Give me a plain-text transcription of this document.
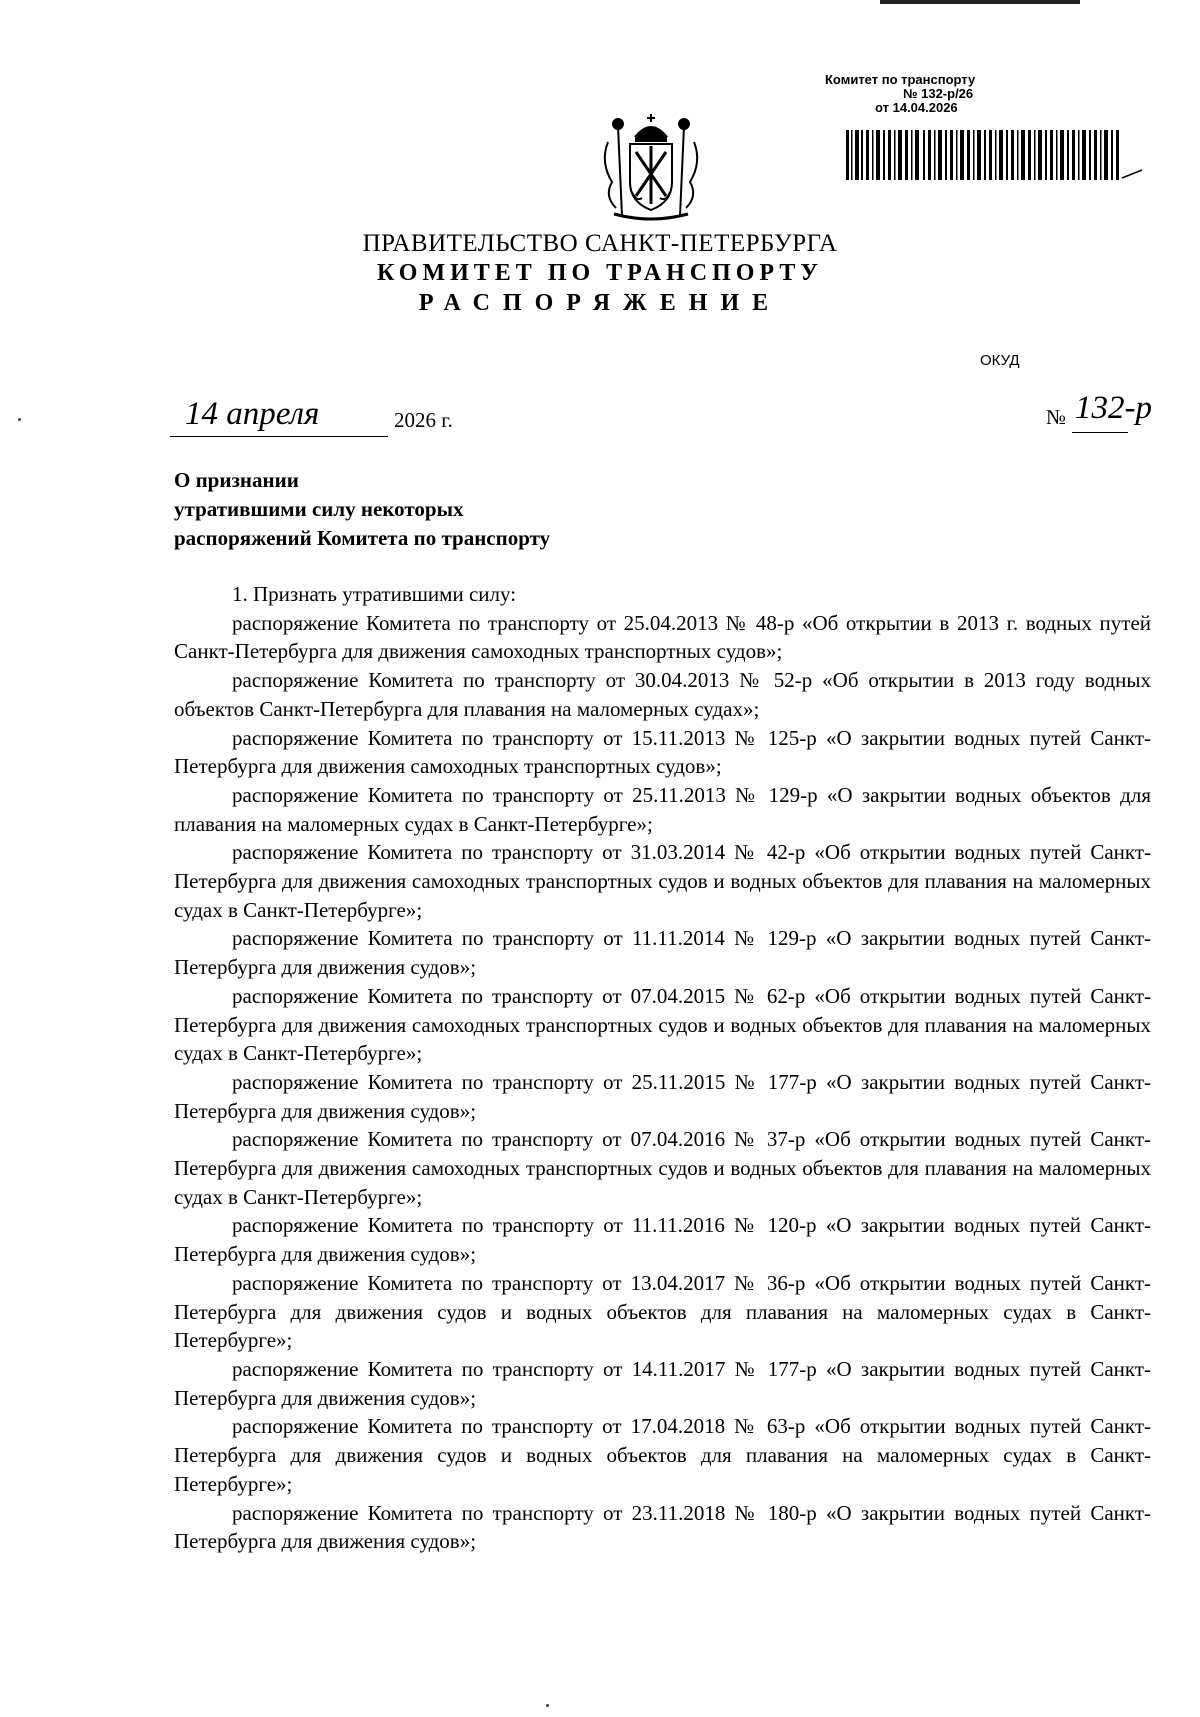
Комитет по транспорту
№ 132-р/26
от 14.04.2026
ПРАВИТЕЛЬСТВО САНКТ-ПЕТЕРБУРГА
КОМИТЕТ ПО ТРАНСПОРТУ
РАСПОРЯЖЕНИЕ
ОКУД
14 апреля	2026 г.	№ 132-р
О признании
утратившими силу некоторых
распоряжений Комитета по транспорту

1. Признать утратившими силу:

распоряжение Комитета по транспорту от 25.04.2013 № 48-р «Об открытии в 2013 г. водных путей Санкт-Петербурга для движения самоходных транспортных судов»;

распоряжение Комитета по транспорту от 30.04.2013 № 52-р «Об открытии в 2013 году водных объектов Санкт-Петербурга для плавания на маломерных судах»;

распоряжение Комитета по транспорту от 15.11.2013 № 125-р «О закрытии водных путей Санкт-Петербурга для движения самоходных транспортных судов»;

распоряжение Комитета по транспорту от 25.11.2013 № 129-р «О закрытии водных объектов для плавания на маломерных судах в Санкт-Петербурге»;

распоряжение Комитета по транспорту от 31.03.2014 № 42-р «Об открытии водных путей Санкт-Петербурга для движения самоходных транспортных судов и водных объектов для плавания на маломерных судах в Санкт-Петербурге»;

распоряжение Комитета по транспорту от 11.11.2014 № 129-р «О закрытии водных путей Санкт-Петербурга для движения судов»;

распоряжение Комитета по транспорту от 07.04.2015 № 62-р «Об открытии водных путей Санкт-Петербурга для движения самоходных транспортных судов и водных объектов для плавания на маломерных судах в Санкт-Петербурге»;

распоряжение Комитета по транспорту от 25.11.2015 № 177-р «О закрытии водных путей Санкт-Петербурга для движения судов»;

распоряжение Комитета по транспорту от 07.04.2016 № 37-р «Об открытии водных путей Санкт-Петербурга для движения самоходных транспортных судов и водных объектов для плавания на маломерных судах в Санкт-Петербурге»;

распоряжение Комитета по транспорту от 11.11.2016 № 120-р «О закрытии водных путей Санкт-Петербурга для движения судов»;

распоряжение Комитета по транспорту от 13.04.2017 № 36-р «Об открытии водных путей Санкт-Петербурга для движения судов и водных объектов для плавания на маломерных судах в Санкт-Петербурге»;

распоряжение Комитета по транспорту от 14.11.2017 № 177-р «О закрытии водных путей Санкт-Петербурга для движения судов»;

распоряжение Комитета по транспорту от 17.04.2018 № 63-р «Об открытии водных путей Санкт-Петербурга для движения судов и водных объектов для плавания на маломерных судах в Санкт-Петербурге»;

распоряжение Комитета по транспорту от 23.11.2018 № 180-р «О закрытии водных путей Санкт-Петербурга для движения судов»;
